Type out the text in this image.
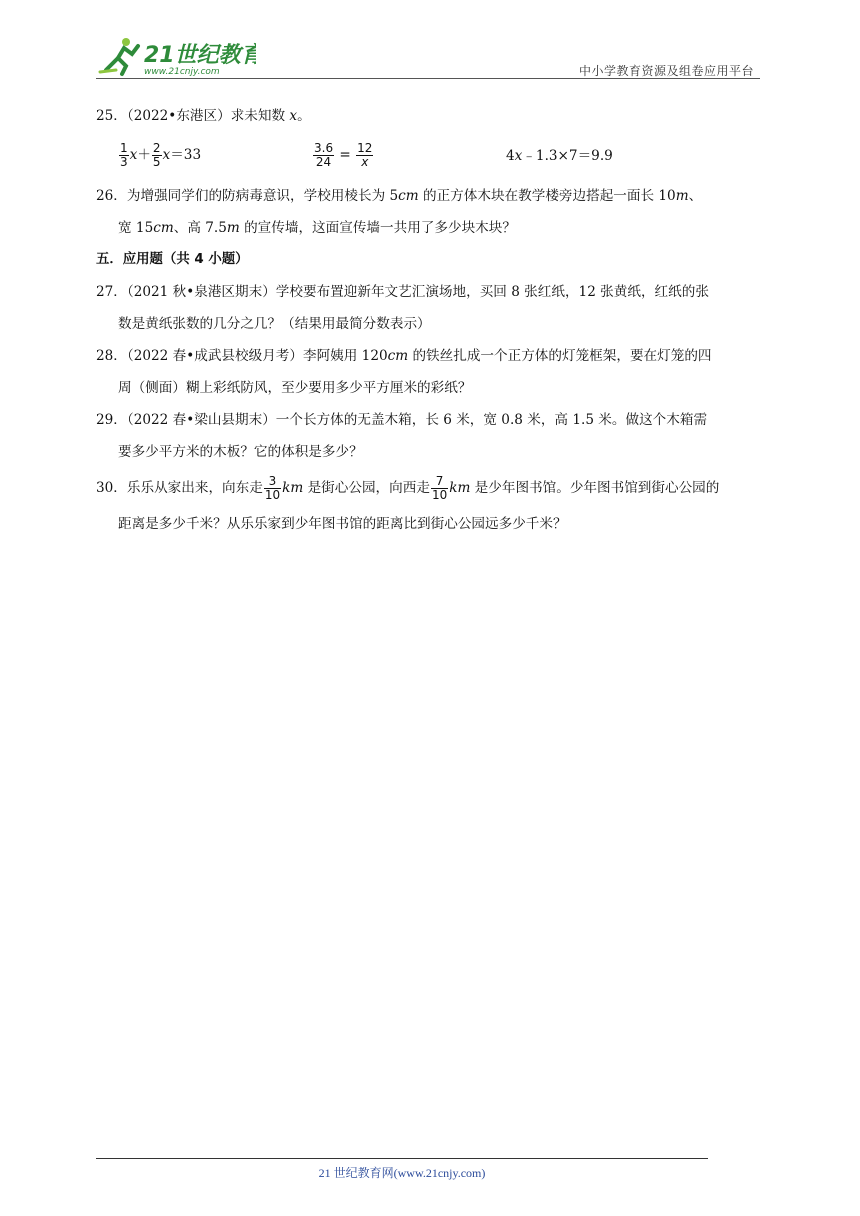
21世纪教育
www.21cnjy.com	中小学教育资源及组卷应用平台
25．（2022•东港区）求未知数 x。
$\frac{1}{3} x+ \frac{2}{5} x=33$	$\frac{3.6}{24} = \frac{12}{x}$	4x﹣1.3×7＝9.9
26．为增强同学们的防病毒意识，学校用棱长为 5cm 的正方体木块在教学楼旁边搭起一面长 10m、
宽 15cm、高 7.5m 的宣传墙，这面宣传墙一共用了多少块木块？
五．应用题（共 4 小题）
27．（2021 秋•泉港区期末）学校要布置迎新年文艺汇演场地，买回 8 张红纸，12 张黄纸，红纸的张
数是黄纸张数的几分之几？（结果用最简分数表示）
28．（2022 春•成武县校级月考）李阿姨用 120cm 的铁丝扎成一个正方体的灯笼框架，要在灯笼的四
周（侧面）糊上彩纸防风，至少要用多少平方厘米的彩纸？
29．（2022 春•梁山县期末）一个长方体的无盖木箱，长 6 米，宽 0.8 米，高 1.5 米。做这个木箱需
要多少平方米的木板？它的体积是多少？
30．乐乐从家出来，向东走 $\frac{3}{10}$ km 是街心公园，向西走 $\frac{7}{10}$ km 是少年图书馆。少年图书馆到街心公园的
距离是多少千米？从乐乐家到少年图书馆的距离比到街心公园远多少千米？
21 世纪教育网(www.21cnjy.com)
